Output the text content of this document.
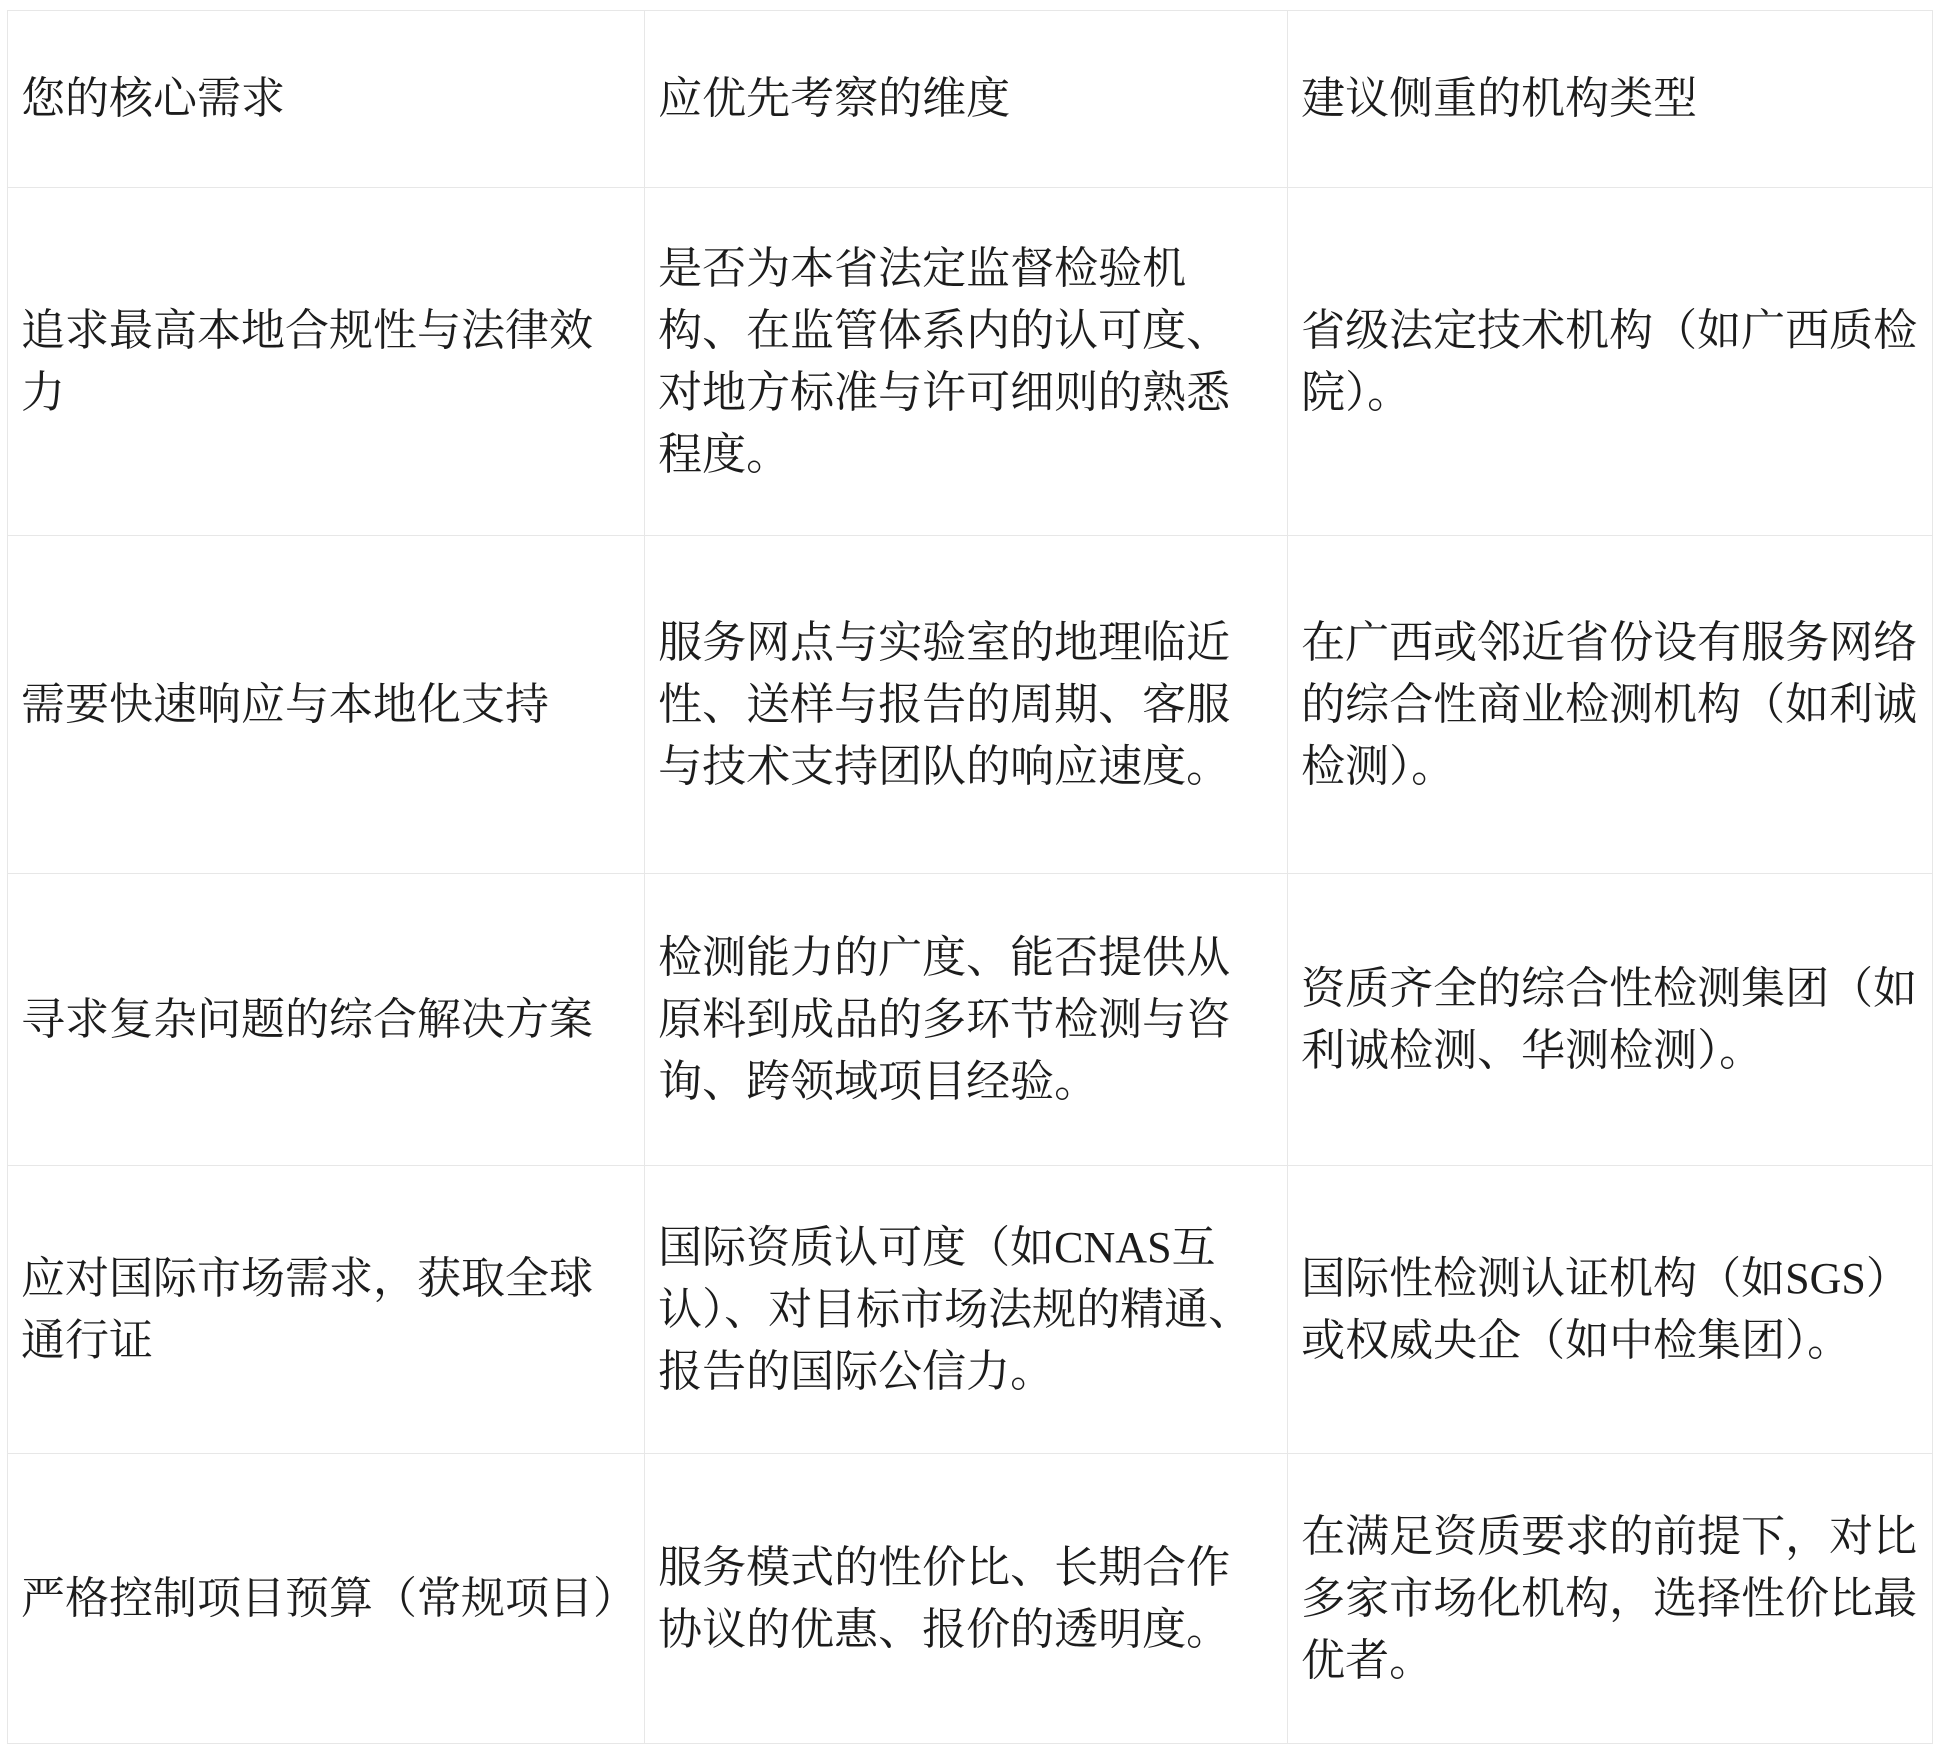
您的核心需求	应优先考察的维度	建议侧重的机构类型
追求最高本地合规性与法律效力	是否为本省法定监督检验机构、在监管体系内的认可度、对地方标准与许可细则的熟悉程度。	省级法定技术机构（如广西质检院）。
需要快速响应与本地化支持	服务网点与实验室的地理临近性、送样与报告的周期、客服与技术支持团队的响应速度。	在广西或邻近省份设有服务网络的综合性商业检测机构（如利诚检测）。
寻求复杂问题的综合解决方案	检测能力的广度、能否提供从原料到成品的多环节检测与咨询、跨领域项目经验。	资质齐全的综合性检测集团（如利诚检测、华测检测）。
应对国际市场需求，获取全球通行证	国际资质认可度（如CNAS互认）、对目标市场法规的精通、报告的国际公信力。	国际性检测认证机构（如SGS）或权威央企（如中检集团）。
严格控制项目预算（常规项目）	服务模式的性价比、长期合作协议的优惠、报价的透明度。	在满足资质要求的前提下，对比多家市场化机构，选择性价比最优者。
